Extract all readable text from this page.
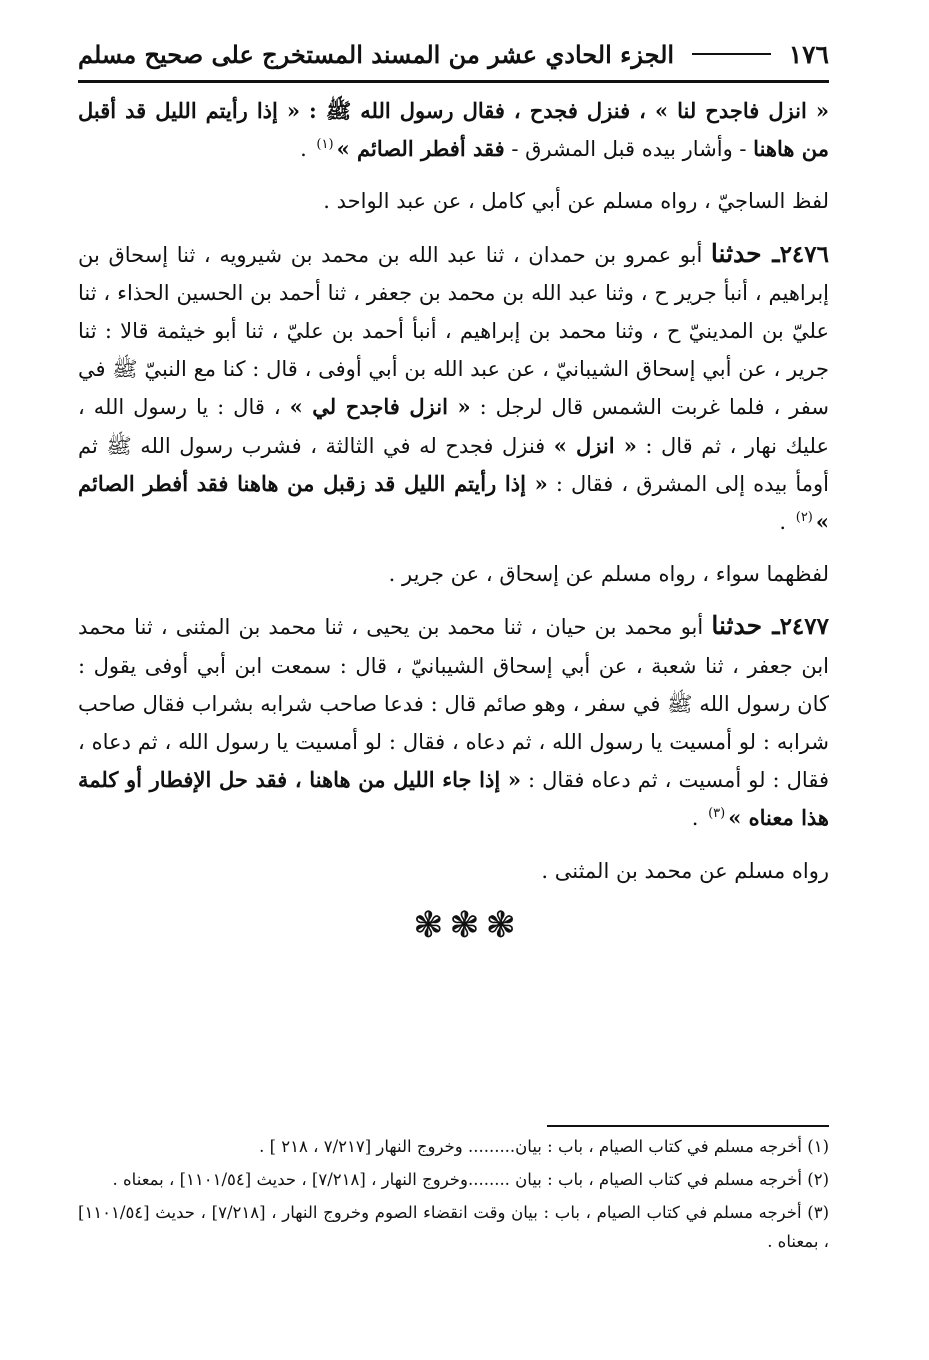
١٧٦
الجزء الحادي عشر من المسند المستخرج على صحيح مسلم

« انزل فاجدح لنا » ، فنزل فجدح ، فقال رسول الله ﷺ : « إذا رأيتم الليل قد أقبل من هاهنا - وأشار بيده قبل المشرق - فقد أفطر الصائم »$^{(١)}$ .

لفظ الساجيّ ، رواه مسلم عن أبي كامل ، عن عبد الواحد .

٢٤٧٦ـ حدثنا أبو عمرو بن حمدان ، ثنا عبد الله بن محمد بن شيرويه ، ثنا إسحاق بن إبراهيم ، أنبأ جرير ح ، وثنا عبد الله بن محمد بن جعفر ، ثنا أحمد بن الحسين الحذاء ، ثنا عليّ بن المدينيّ ح ، وثنا محمد بن إبراهيم ، أنبأ أحمد بن عليّ ، ثنا أبو خيثمة قالا : ثنا جرير ، عن أبي إسحاق الشيبانيّ ، عن عبد الله بن أبي أوفى ، قال : كنا مع النبيّ ﷺ في سفر ، فلما غربت الشمس قال لرجل : « انزل فاجدح لي » ، قال : يا رسول الله ، عليك نهار ، ثم قال : « انزل » فنزل فجدح له في الثالثة ، فشرب رسول الله ﷺ ثم أومأ بيده إلى المشرق ، فقال : « إذا رأيتم الليل قد زقبل من هاهنا فقد أفطر الصائم »$^{(٢)}$ .

لفظهما سواء ، رواه مسلم عن إسحاق ، عن جرير .

٢٤٧٧ـ حدثنا أبو محمد بن حيان ، ثنا محمد بن يحيى ، ثنا محمد بن المثنى ، ثنا محمد ابن جعفر ، ثنا شعبة ، عن أبي إسحاق الشيبانيّ ، قال : سمعت ابن أبي أوفى يقول : كان رسول الله ﷺ في سفر ، وهو صائم قال : فدعا صاحب شرابه بشراب فقال صاحب شرابه : لو أمسيت يا رسول الله ، ثم دعاه ، فقال : لو أمسيت يا رسول الله ، ثم دعاه ، فقال : لو أمسيت ، ثم دعاه فقال : « إذا جاء الليل من هاهنا ، فقد حل الإفطار أو كلمة هذا معناه »$^{(٣)}$ .

رواه مسلم عن محمد بن المثنى .

❃ ❃ ❃

(١) أخرجه مسلم في كتاب الصيام ، باب : بيان......... وخروج النهار [٧/٢١٧ ، ٢١٨ ] .

(٢) أخرجه مسلم في كتاب الصيام ، باب : بيان ........وخروج النهار ، [٧/٢١٨] ، حديث [١١٠١/٥٤] ، بمعناه .

(٣) أخرجه مسلم في كتاب الصيام ، باب : بيان وقت انقضاء الصوم وخروج النهار ، [٧/٢١٨] ، حديث [١١٠١/٥٤] ، بمعناه .
